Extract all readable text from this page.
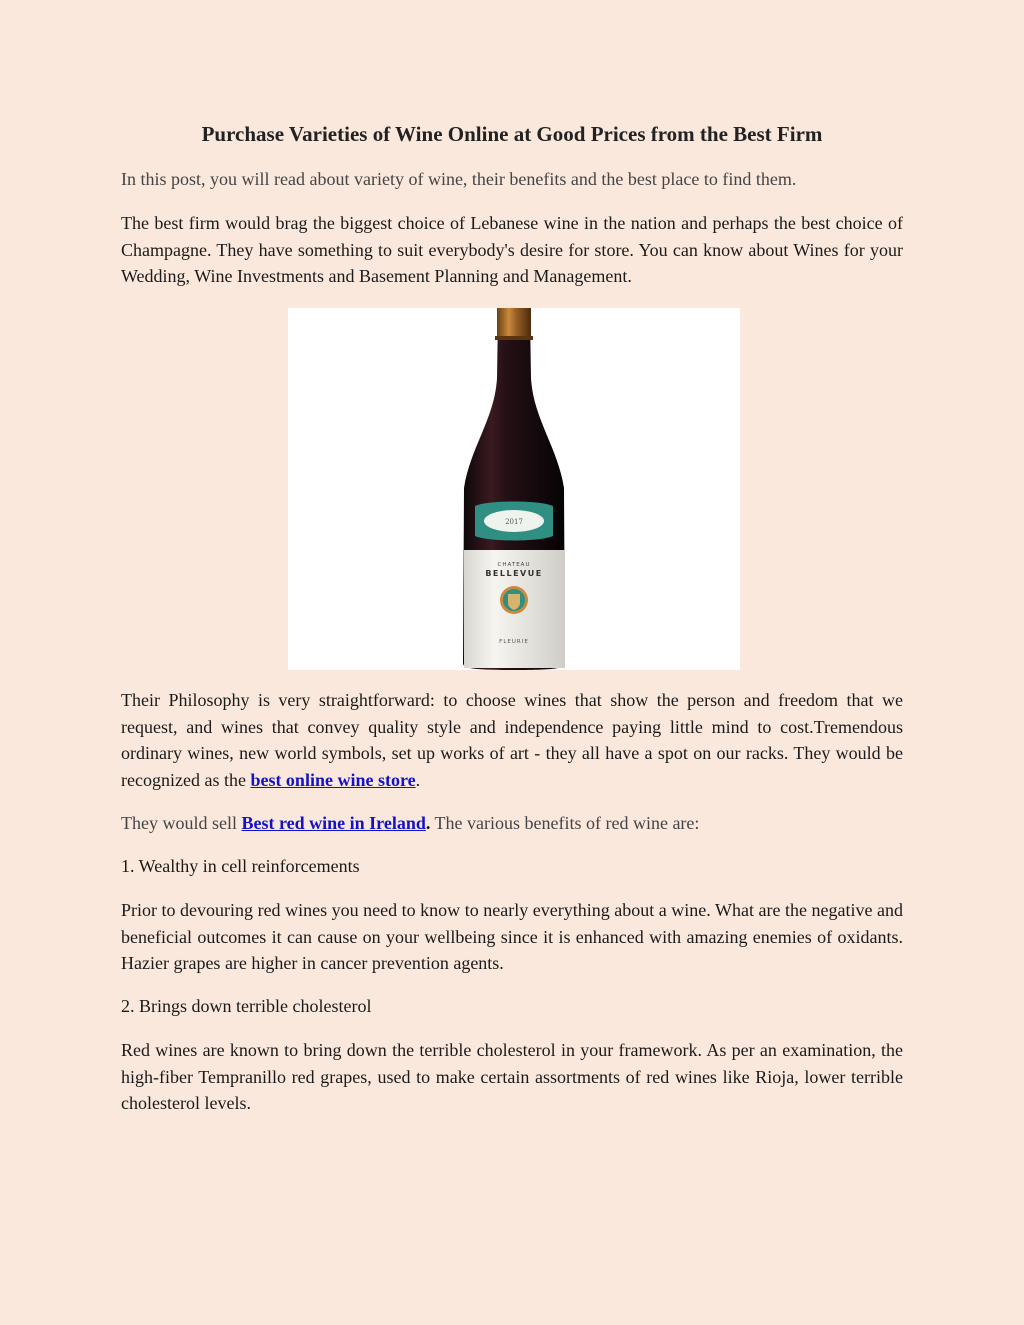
Purchase Varieties of Wine Online at Good Prices from the Best Firm

In this post, you will read about variety of wine, their benefits and the best place to find them.

The best firm would brag the biggest choice of Lebanese wine in the nation and perhaps the best choice of Champagne. They have something to suit everybody's desire for store. You can know about Wines for your Wedding, Wine Investments and Basement Planning and Management.

Their Philosophy is very straightforward: to choose wines that show the person and freedom that we request, and wines that convey quality style and independence paying little mind to cost.Tremendous ordinary wines, new world symbols, set up works of art - they all have a spot on our racks. They would be recognized as the best online wine store.

They would sell Best red wine in Ireland. The various benefits of red wine are:

1. Wealthy in cell reinforcements

Prior to devouring red wines you need to know to nearly everything about a wine. What are the negative and beneficial outcomes it can cause on your wellbeing since it is enhanced with amazing enemies of oxidants. Hazier grapes are higher in cancer prevention agents.

2. Brings down terrible cholesterol

Red wines are known to bring down the terrible cholesterol in your framework. As per an examination, the high-fiber Tempranillo red grapes, used to make certain assortments of red wines like Rioja, lower terrible cholesterol levels.

2017
CHATEAU
BELLEVUE
FLEURIE
